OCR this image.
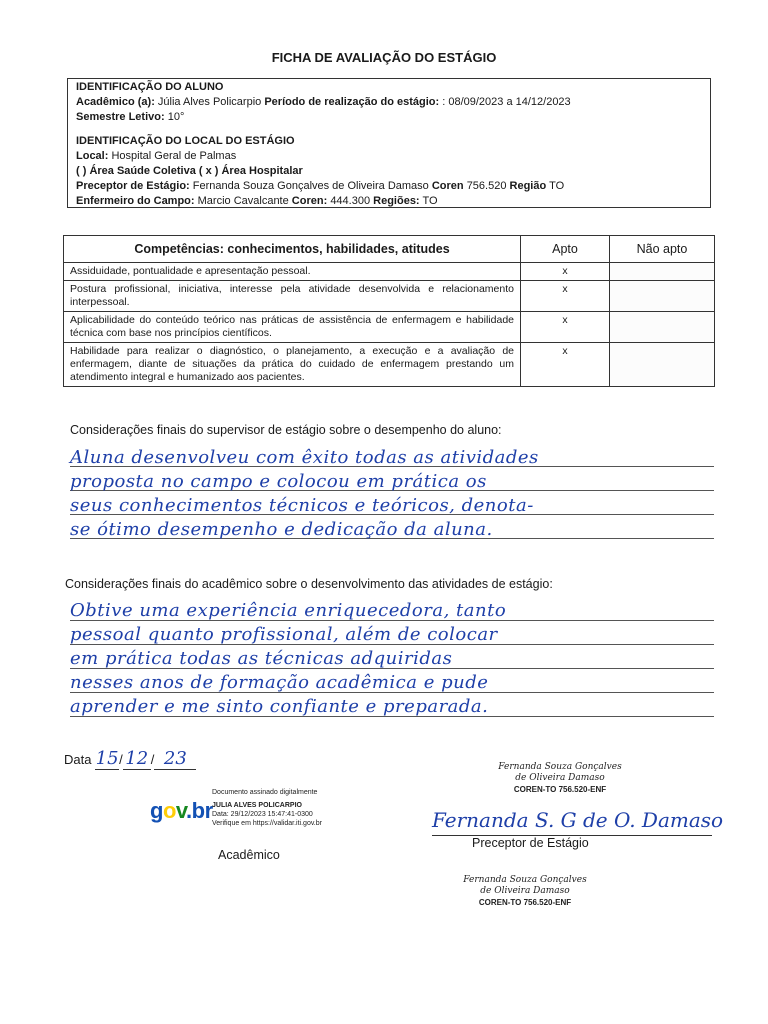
FICHA DE AVALIAÇÃO DO ESTÁGIO
IDENTIFICAÇÃO DO ALUNO
Acadêmico (a): Júlia Alves Policarpio Período de realização do estágio: : 08/09/2023 a 14/12/2023
Semestre Letivo: 10°
IDENTIFICAÇÃO DO LOCAL DO ESTÁGIO
Local: Hospital Geral de Palmas
( ) Área Saúde Coletiva ( x ) Área Hospitalar
Preceptor de Estágio: Fernanda Souza Gonçalves de Oliveira Damaso Coren 756.520 Região TO
Enfermeiro do Campo: Marcio Cavalcante Coren: 444.300 Regiões: TO
Competências: conhecimentos, habilidades, atitudes	Apto	Não apto
Assiduidade, pontualidade e apresentação pessoal.	x	
Postura profissional, iniciativa, interesse pela atividade desenvolvida e relacionamento interpessoal.	x	
Aplicabilidade do conteúdo teórico nas práticas de assistência de enfermagem e habilidade técnica com base nos princípios científicos.	x	
Habilidade para realizar o diagnóstico, o planejamento, a execução e a avaliação de enfermagem, diante de situações da prática do cuidado de enfermagem prestando um atendimento integral e humanizado aos pacientes.	x	
Considerações finais do supervisor de estágio sobre o desempenho do aluno:
Aluna desenvolveu com êxito todas as atividades
proposta no campo e colocou em prática os
seus conhecimentos técnicos e teóricos, denota-
se ótimo desempenho e dedicação da aluna.
Considerações finais do acadêmico sobre o desenvolvimento das atividades de estágio:
Obtive uma experiência enriquecedora, tanto
pessoal quanto profissional, além de colocar
em prática todas as técnicas adquiridas
nesses anos de formação acadêmica e pude
aprender e me sinto confiante e preparada.
Data 15/ 12 / 23
gov.br
Documento assinado digitalmente
JULIA ALVES POLICARPIO
Data: 29/12/2023 15:47:41-0300
Verifique em https://validar.iti.gov.br
Acadêmico
Fernanda Souza Gonçalves
de Oliveira Damaso
COREN-TO 756.520-ENF
Fernanda S. G de O. Damaso
Preceptor de Estágio
Fernanda Souza Gonçalves
de Oliveira Damaso
COREN-TO 756.520-ENF
